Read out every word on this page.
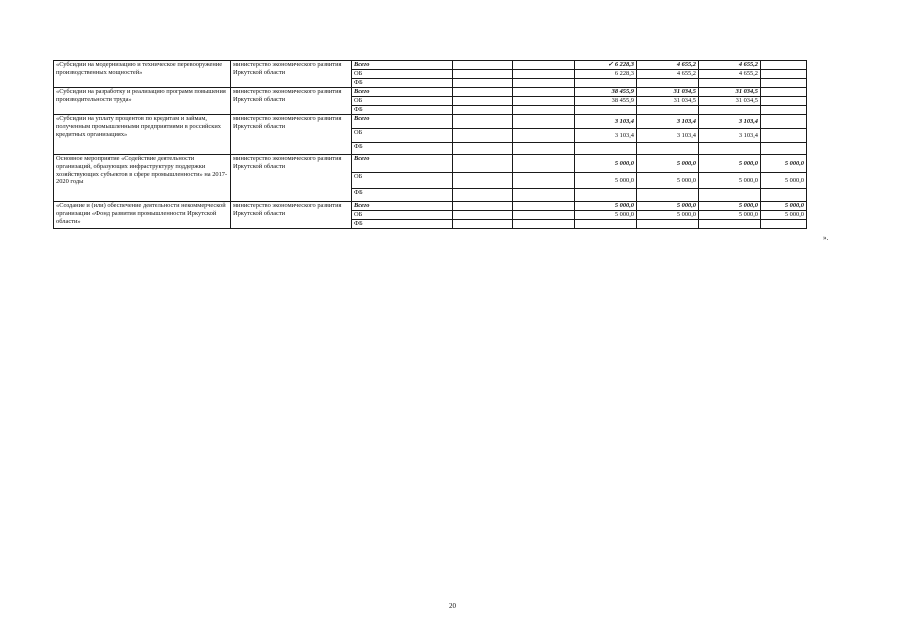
«Субсидии на модернизацию и техническое перевооружение производственных мощностей»	министерство экономического развития Иркутской области	Всего			✓ 6 228,3	4 655,2	4 655,2	
		ОБ			6 228,3	4 655,2	4 655,2	
		ФБ						
«Субсидии на разработку и реализацию программ повышения производительности труда»	министерство экономического развития Иркутской области	Всего			38 455,9	31 034,5	31 034,5	
		ОБ			38 455,9	31 034,5	31 034,5	
		ФБ						
«Субсидии на уплату процентов по кредитам и займам, полученным промышленными предприятиями в российских кредитных организациях»	министерство экономического развития Иркутской области	Всего			3 103,4	3 103,4	3 103,4	
		ОБ			3 103,4	3 103,4	3 103,4	
		ФБ						
Основное мероприятие «Содействие деятельности организаций, образующих инфраструктуру поддержки хозяйствующих субъектов в сфере промышленности» на 2017-2020 годы	министерство экономического развития Иркутской области	Всего			5 000,0	5 000,0	5 000,0	5 000,0
		ОБ			5 000,0	5 000,0	5 000,0	5 000,0
		ФБ						
«Создание и (или) обеспечение деятельности некоммерческой организации «Фонд развития промышленности Иркутской области»	министерство экономического развития Иркутской области	Всего			5 000,0	5 000,0	5 000,0	5 000,0
		ОБ			5 000,0	5 000,0	5 000,0	5 000,0
		ФБ						
».
20
